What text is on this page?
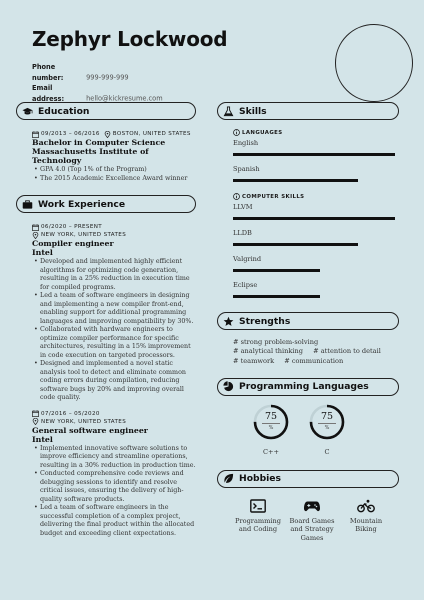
Zephyr Lockwood
Phone number:	999-999-999
Email address:	hello@kickresume.com
Education
09/2013 – 06/2016 BOSTON, UNITED STATES
Bachelor in Computer Science
Massachusetts Institute of Technology
• GPA 4.0 (Top 1% of the Program)
• The 2015 Academic Excellence Award winner
Work Experience
06/2020 – PRESENT
NEW YORK, UNITED STATES
Compiler engineer
Intel
• Developed and implemented highly efficient algorithms for optimizing code generation, resulting in a 25% reduction in execution time for compiled programs.
• Led a team of software engineers in designing and implementing a new compiler front-end, enabling support for additional programming languages and improving compatibility by 30%.
• Collaborated with hardware engineers to optimize compiler performance for specific architectures, resulting in a 15% improvement in code execution on targeted processors.
• Designed and implemented a novel static analysis tool to detect and eliminate common coding errors during compilation, reducing software bugs by 20% and improving overall code quality.
07/2016 – 05/2020
NEW YORK, UNITED STATES
General software engineer
Intel
• Implemented innovative software solutions to improve efficiency and streamline operations, resulting in a 30% reduction in production time.
• Conducted comprehensive code reviews and debugging sessions to identify and resolve critical issues, ensuring the delivery of high-quality software products.
• Led a team of software engineers in the successful completion of a complex project, delivering the final product within the allocated budget and exceeding client expectations.
Skills
LANGUAGES
English
Spanish
COMPUTER SKILLS
LLVM
LLDB
Valgrind
Eclipse
Strengths
# strong problem-solving
# analytical thinking # attention to detail
# teamwork # communication
Programming Languages
75
%
C++
75
%
C
Hobbies
Programming and Coding
Board Games and Strategy Games
Mountain Biking
